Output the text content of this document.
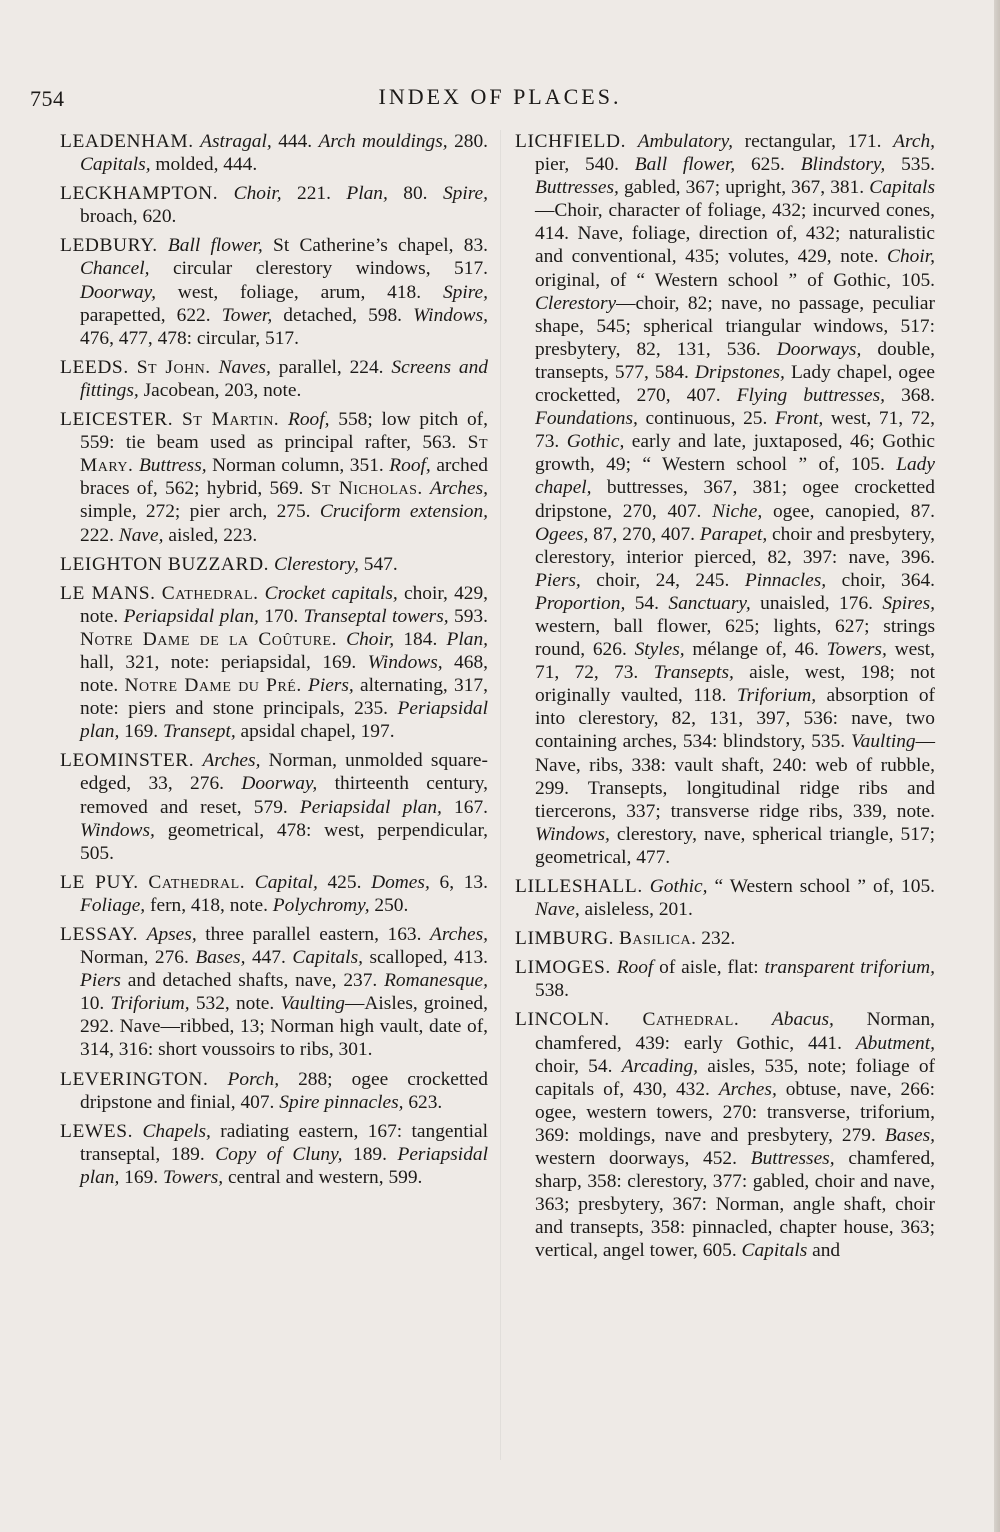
754	INDEX OF PLACES.

LEADENHAM. Astragal, 444. Arch mouldings, 280. Capitals, molded, 444.

LECKHAMPTON. Choir, 221. Plan, 80. Spire, broach, 620.

LEDBURY. Ball flower, St Catherine’s chapel, 83. Chancel, circular clerestory windows, 517. Doorway, west, foliage, arum, 418. Spire, parapetted, 622. Tower, detached, 598. Windows, 476, 477, 478: circular, 517.

LEEDS. St John. Naves, parallel, 224. Screens and fittings, Jacobean, 203, note.

LEICESTER. St Martin. Roof, 558; low pitch of, 559: tie beam used as principal rafter, 563. St Mary. Buttress, Norman column, 351. Roof, arched braces of, 562; hybrid, 569. St Nicholas. Arches, simple, 272; pier arch, 275. Cruciform extension, 222. Nave, aisled, 223.

LEIGHTON BUZZARD. Clerestory, 547.

LE MANS. Cathedral. Crocket capitals, choir, 429, note. Periapsidal plan, 170. Transeptal towers, 593. Notre Dame de la Coûture. Choir, 184. Plan, hall, 321, note: periapsidal, 169. Windows, 468, note. Notre Dame du Pré. Piers, alternating, 317, note: piers and stone principals, 235. Periapsidal plan, 169. Transept, apsidal chapel, 197.

LEOMINSTER. Arches, Norman, unmolded square-edged, 33, 276. Doorway, thirteenth century, removed and reset, 579. Periapsidal plan, 167. Windows, geometrical, 478: west, perpendicular, 505.

LE PUY. Cathedral. Capital, 425. Domes, 6, 13. Foliage, fern, 418, note. Polychromy, 250.

LESSAY. Apses, three parallel eastern, 163. Arches, Norman, 276. Bases, 447. Capitals, scalloped, 413. Piers and detached shafts, nave, 237. Romanesque, 10. Triforium, 532, note. Vaulting—Aisles, groined, 292. Nave—ribbed, 13; Norman high vault, date of, 314, 316: short voussoirs to ribs, 301.

LEVERINGTON. Porch, 288; ogee crocketted dripstone and finial, 407. Spire pinnacles, 623.

LEWES. Chapels, radiating eastern, 167: tangential transeptal, 189. Copy of Cluny, 189. Periapsidal plan, 169. Towers, central and western, 599.

LICHFIELD. Ambulatory, rectangular, 171. Arch, pier, 540. Ball flower, 625. Blindstory, 535. Buttresses, gabled, 367; upright, 367, 381. Capitals—Choir, character of foliage, 432; incurved cones, 414. Nave, foliage, direction of, 432; naturalistic and conventional, 435; volutes, 429, note. Choir, original, of “ Western school ” of Gothic, 105. Clerestory—choir, 82; nave, no passage, peculiar shape, 545; spherical triangular windows, 517: presbytery, 82, 131, 536. Doorways, double, transepts, 577, 584. Dripstones, Lady chapel, ogee crocketted, 270, 407. Flying buttresses, 368. Foundations, continuous, 25. Front, west, 71, 72, 73. Gothic, early and late, juxtaposed, 46; Gothic growth, 49; “ Western school ” of, 105. Lady chapel, buttresses, 367, 381; ogee crocketted dripstone, 270, 407. Niche, ogee, canopied, 87. Ogees, 87, 270, 407. Parapet, choir and presbytery, clerestory, interior pierced, 82, 397: nave, 396. Piers, choir, 24, 245. Pinnacles, choir, 364. Proportion, 54. Sanctuary, unaisled, 176. Spires, western, ball flower, 625; lights, 627; strings round, 626. Styles, mélange of, 46. Towers, west, 71, 72, 73. Transepts, aisle, west, 198; not originally vaulted, 118. Triforium, absorption of into clerestory, 82, 131, 397, 536: nave, two containing arches, 534: blindstory, 535. Vaulting—Nave, ribs, 338: vault shaft, 240: web of rubble, 299. Transepts, longitudinal ridge ribs and tiercerons, 337; transverse ridge ribs, 339, note. Windows, clerestory, nave, spherical triangle, 517; geometrical, 477.

LILLESHALL. Gothic, “ Western school ” of, 105. Nave, aisleless, 201.

LIMBURG. Basilica. 232.

LIMOGES. Roof of aisle, flat: transparent triforium, 538.

LINCOLN. Cathedral. Abacus, Norman, chamfered, 439: early Gothic, 441. Abutment, choir, 54. Arcading, aisles, 535, note; foliage of capitals of, 430, 432. Arches, obtuse, nave, 266: ogee, western towers, 270: transverse, triforium, 369: moldings, nave and presbytery, 279. Bases, western doorways, 452. Buttresses, chamfered, sharp, 358: clerestory, 377: gabled, choir and nave, 363; presbytery, 367: Norman, angle shaft, choir and transepts, 358: pinnacled, chapter house, 363; vertical, angel tower, 605. Capitals and
